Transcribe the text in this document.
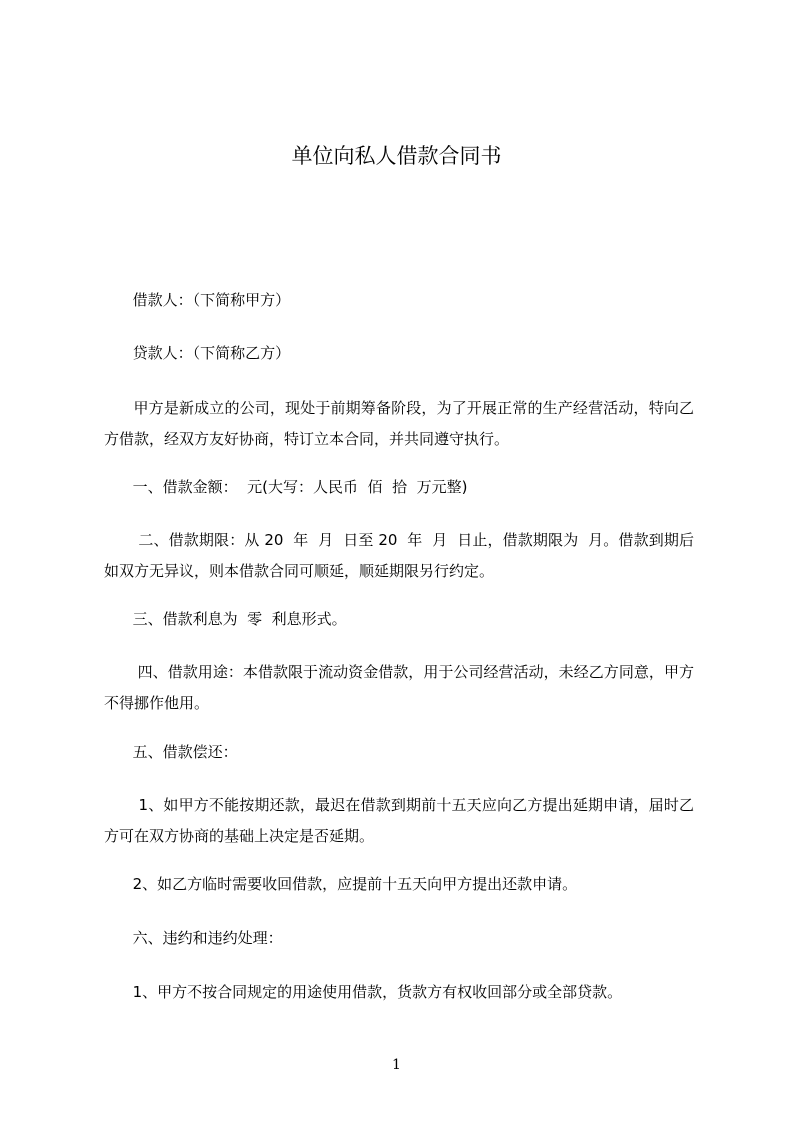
单位向私人借款合同书
借款人：（下简称甲方）
贷款人：（下简称乙方）
甲方是新成立的公司，现处于前期筹备阶段，为了开展正常的生产经营活动，特向乙方借款，经双方友好协商，特订立本合同，并共同遵守执行。
一、借款金额：  元(大写：人民币  佰  拾  万元整)
二、借款期限：从 20  年  月  日至 20  年  月  日止，借款期限为  月。借款到期后如双方无异议，则本借款合同可顺延，顺延期限另行约定。
三、借款利息为  零  利息形式。
四、借款用途：本借款限于流动资金借款，用于公司经营活动，未经乙方同意，甲方不得挪作他用。
五、借款偿还：
1、如甲方不能按期还款，最迟在借款到期前十五天应向乙方提出延期申请，届时乙方可在双方协商的基础上决定是否延期。
2、如乙方临时需要收回借款，应提前十五天向甲方提出还款申请。
六、违约和违约处理：
1、甲方不按合同规定的用途使用借款，货款方有权收回部分或全部贷款。
1
